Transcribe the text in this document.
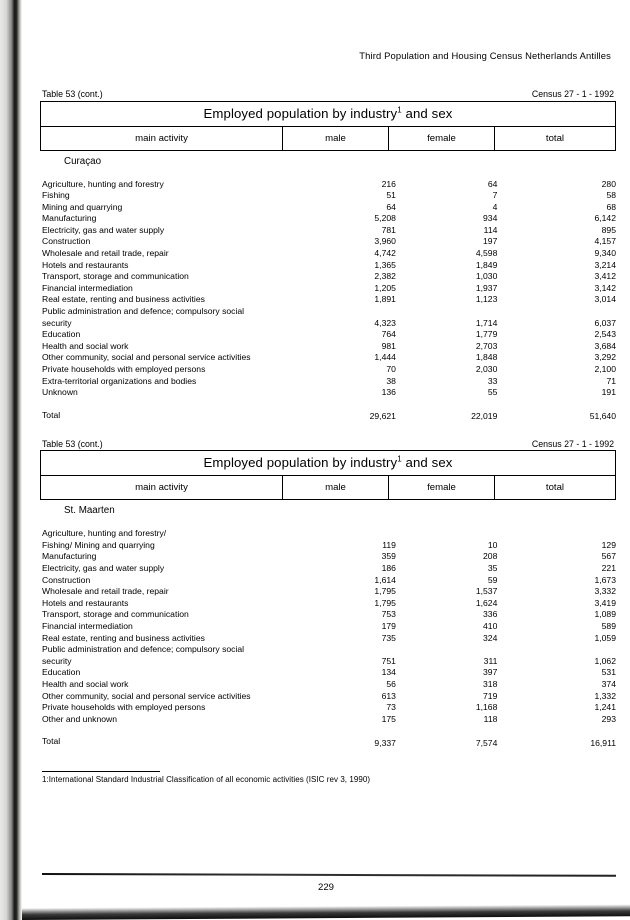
Third Population and Housing Census Netherlands Antilles
Table 53 (cont.)	Census 27 - 1 - 1992
Employed population by industry$^1$ and sex
main activity	male	female	total
Curaçao
Agriculture, hunting and forestry	216	64	280
Fishing	51	7	58
Mining and quarrying	64	4	68
Manufacturing	5,208	934	6,142
Electricity, gas and water supply	781	114	895
Construction	3,960	197	4,157
Wholesale and retail trade, repair	4,742	4,598	9,340
Hotels and restaurants	1,365	1,849	3,214
Transport, storage and communication	2,382	1,030	3,412
Financial intermediation	1,205	1,937	3,142
Real estate, renting and business activities	1,891	1,123	3,014
Public administration and defence; compulsory social
security	4,323	1,714	6,037
Education	764	1,779	2,543
Health and social work	981	2,703	3,684
Other community, social and personal service activities	1,444	1,848	3,292
Private households with employed persons	70	2,030	2,100
Extra-territorial organizations and bodies	38	33	71
Unknown	136	55	191

Total	29,621	22,019	51,640
Table 53 (cont.)	Census 27 - 1 - 1992
Employed population by industry$^1$ and sex
main activity	male	female	total
St. Maarten
Agriculture, hunting and forestry/
Fishing/ Mining and quarrying	119	10	129
Manufacturing	359	208	567
Electricity, gas and water supply	186	35	221
Construction	1,614	59	1,673
Wholesale and retail trade, repair	1,795	1,537	3,332
Hotels and restaurants	1,795	1,624	3,419
Transport, storage and communication	753	336	1,089
Financial intermediation	179	410	589
Real estate, renting and business activities	735	324	1,059
Public administration and defence; compulsory social
security	751	311	1,062
Education	134	397	531
Health and social work	56	318	374
Other community, social and personal service activities	613	719	1,332
Private households with employed persons	73	1,168	1,241
Other and unknown	175	118	293

Total	9,337	7,574	16,911
1:International Standard Industrial Classification of all economic activities (ISIC rev 3, 1990)
229
